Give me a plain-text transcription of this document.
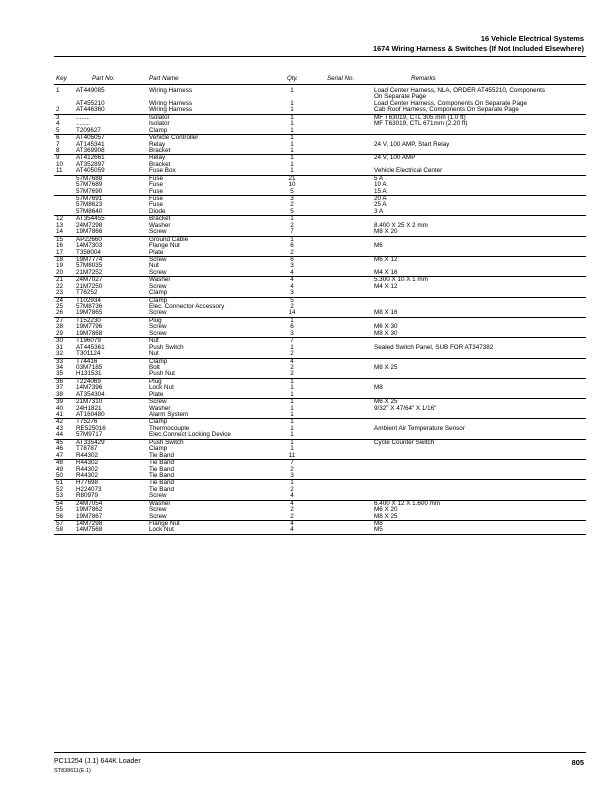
16 Vehicle Electrical Systems
1674 Wiring Harness & Switches (If Not Included Elsewhere)
Key	Part No.	Part Name	Qty.	Serial No.	Remarks
1	AT449085	Wiring Harness	1	Load Center Harness, NLA, ORDER AT455210, Components
On Separate Page
AT455210	Wiring Harness	1	Load Center Harness, Components On Separate Page
2	AT446360	Wiring Harness	1	Cab Roof Harness, Components On Separate Page
3	........	Isolator	1	MF T63019, CTL 305 mm (1.0 ft)
4	........	Isolator	1	MF T63019, CTL 671mm (2.20 ft)
5	T209627	Clamp	1
6	AT405057	Vehicle Controller	1
7	AT145341	Relay	1	24 V, 100 AMP, Start Relay
8	AT369908	Bracket	1
9	AT412661	Relay	1	24 V, 100 AMP
10 AT352897	Bracket	1
11 AT405059	Fuse Box	1	Vehicle Electrical Center
57M7688	Fuse	21	5 A
57M7689	Fuse	10	10 A
57M7690	Fuse	5	15 A
57M7691	Fuse	3	20 A
57M8623	Fuse	2	25 A
57M8640	Diode	5	3 A
12 AT354455	Bracket	1
13 24M7298	Washer	2	8.400 X 25 X 2 mm
14 19M7866	Screw	7	M8 X 20
15 AP22660	Ground Cable	1
16 14M7303	Flange Nut	6	M6
17 T358004	Plate	2
18 19M7774	Screw	6	M6 X 12
19 57M8035	Nut	3
20 21M7252	Screw	4	M4 X 16
21 24M7027	Washer	4	5.300 X 10 X 1 mm
22 21M7250	Screw	4	M4 X 12
23 T76252	Clamp	3
24 T102934	Clamp	5
25 57M8736	Elec. Connector Accessory	2
26 19M7865	Screw	14	M8 X 16
27 T152230	Plug	1
28 19M7796	Screw	6	M6 X 30
29 19M7868	Screw	3	M8 X 30
30 T196079	Nut	7
31 AT445361	Push Switch	1	Sealed Switch Panel, SUB FOR AT347382
32 T301124	Nut	2
33 T74416	Clamp	4
34 03M7185	Bolt	2	M8 X 25
35 H131531	Push Nut	2
36 T224069	Plug	1
37 14M7396	Lock Nut	1	M8
38 AT354304	Plate	1
39 21M7310	Screw	1	M6 X 25
40 24H1821	Washer	1	9/32" X 47/64" X 1/16"
41 AT160480	Alarm System	1
42 T75276	Clamp	1
43 RE525016	Thermocouple	1	Ambient Air Temperature Sensor
44 57M9717	Elec.Connect Locking Device	1
45 AT335429	Push Switch	1	Cycle Counter Switch
46 T78787	Clamp	1
47 R44302	Tie Band	11
48 R44302	Tie Band	7
49 R44302	Tie Band	2
50 R44302	Tie Band	3
51 H77698	Tie Band	1
52 H224073	Tie Band	2
53 R80979	Screw	4
54 24M7054	Washer	4	6.400 X 12 X 1.600 mm
55 19M7862	Screw	2	M6 X 20
56 19M7867	Screw	2	M8 X 25
57 14M7298	Flange Nut	4	M8
58 14M7568	Lock Nut	4	M5
PC11254 (J.1) 644K Loader
ST838611(E.1)
805
